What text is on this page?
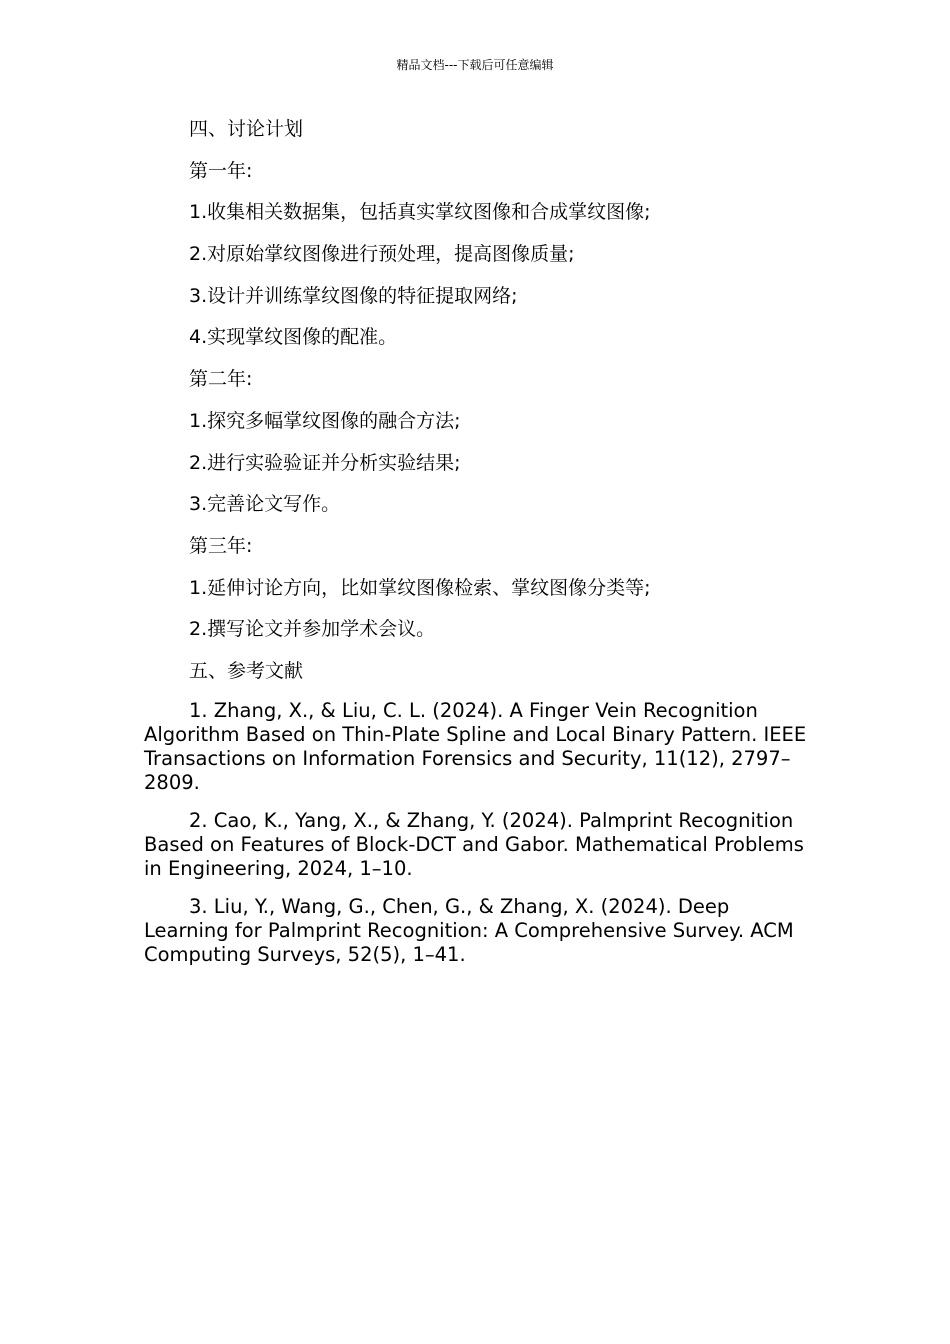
精品文档---下载后可任意编辑
四、讨论计划
第一年:
1.收集相关数据集，包括真实掌纹图像和合成掌纹图像;
2.对原始掌纹图像进行预处理，提高图像质量;
3.设计并训练掌纹图像的特征提取网络;
4.实现掌纹图像的配准。
第二年:
1.探究多幅掌纹图像的融合方法;
2.进行实验验证并分析实验结果;
3.完善论文写作。
第三年:
1.延伸讨论方向，比如掌纹图像检索、掌纹图像分类等;
2.撰写论文并参加学术会议。
五、参考文献
1. Zhang, X., & Liu, C. L. (2024). A Finger Vein Recognition Algorithm Based on Thin-Plate Spline and Local Binary Pattern. IEEE Transactions on Information Forensics and Security, 11(12), 2797–2809.
2. Cao, K., Yang, X., & Zhang, Y. (2024). Palmprint Recognition Based on Features of Block-DCT and Gabor. Mathematical Problems in Engineering, 2024, 1–10.
3. Liu, Y., Wang, G., Chen, G., & Zhang, X. (2024). Deep Learning for Palmprint Recognition: A Comprehensive Survey. ACM Computing Surveys, 52(5), 1–41.
